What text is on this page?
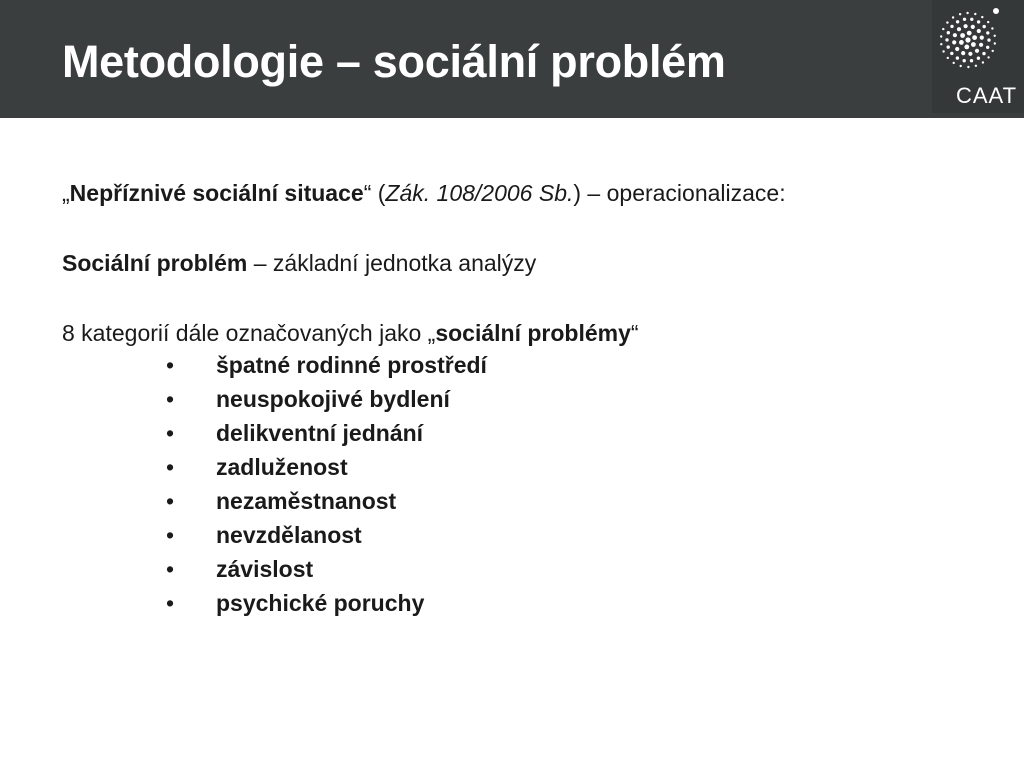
Metodologie – sociální problém
CAAT
„Nepříznivé sociální situace“ (Zák. 108/2006 Sb.) – operacionalizace:
Sociální problém – základní jednotka analýzy
8 kategorií dále označovaných jako „sociální problémy“
• špatné rodinné prostředí
• neuspokojivé bydlení
• delikventní jednání
• zadluženost
• nezaměstnanost
• nevzdělanost
• závislost
• psychické poruchy
